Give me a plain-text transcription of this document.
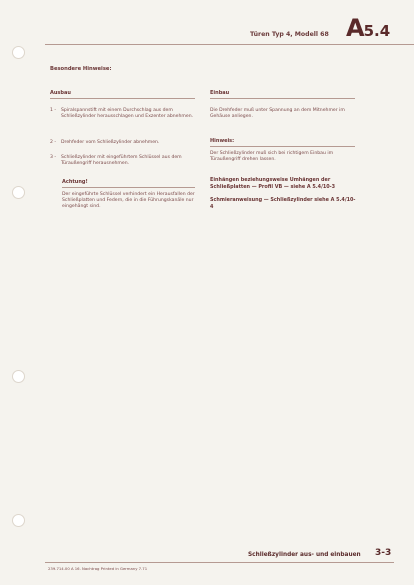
Türen Typ 4, Modell 68 A5.4
Besondere Hinweise:
Ausbau
1 -	Spiralspannstift mit einem Durchschlag aus dem Schließzylinder herausschlagen und Exzenter abnehmen.
2 -	Drehfeder vom Schließzylinder abnehmen.
3 -	Schließzylinder mit eingeführtem Schlüssel aus dem Türaußengriff herausnehmen.
Achtung!
Der eingeführte Schlüssel verhindert ein Herausfallen der Schließplatten und Federn, die in die Führungskanäle nur eingehängt sind.
Einbau
Die Drehfeder muß unter Spannung an dem Mitnehmer im Gehäuse anliegen.
Hinweis:
Der Schließzylinder muß sich bei richtigem Einbau im Türaußengriff drehen lassen.
Einhängen beziehungsweise Umhängen der Schließplatten — Profil VB — siehe A 5.4/10-3
Schmieranweisung — Schließzylinder siehe A 5.4/10-4
Schließzylinder aus- und einbauen 3-3
239.714.00 A 16. Nachtrag Printed in Germany 7.71
